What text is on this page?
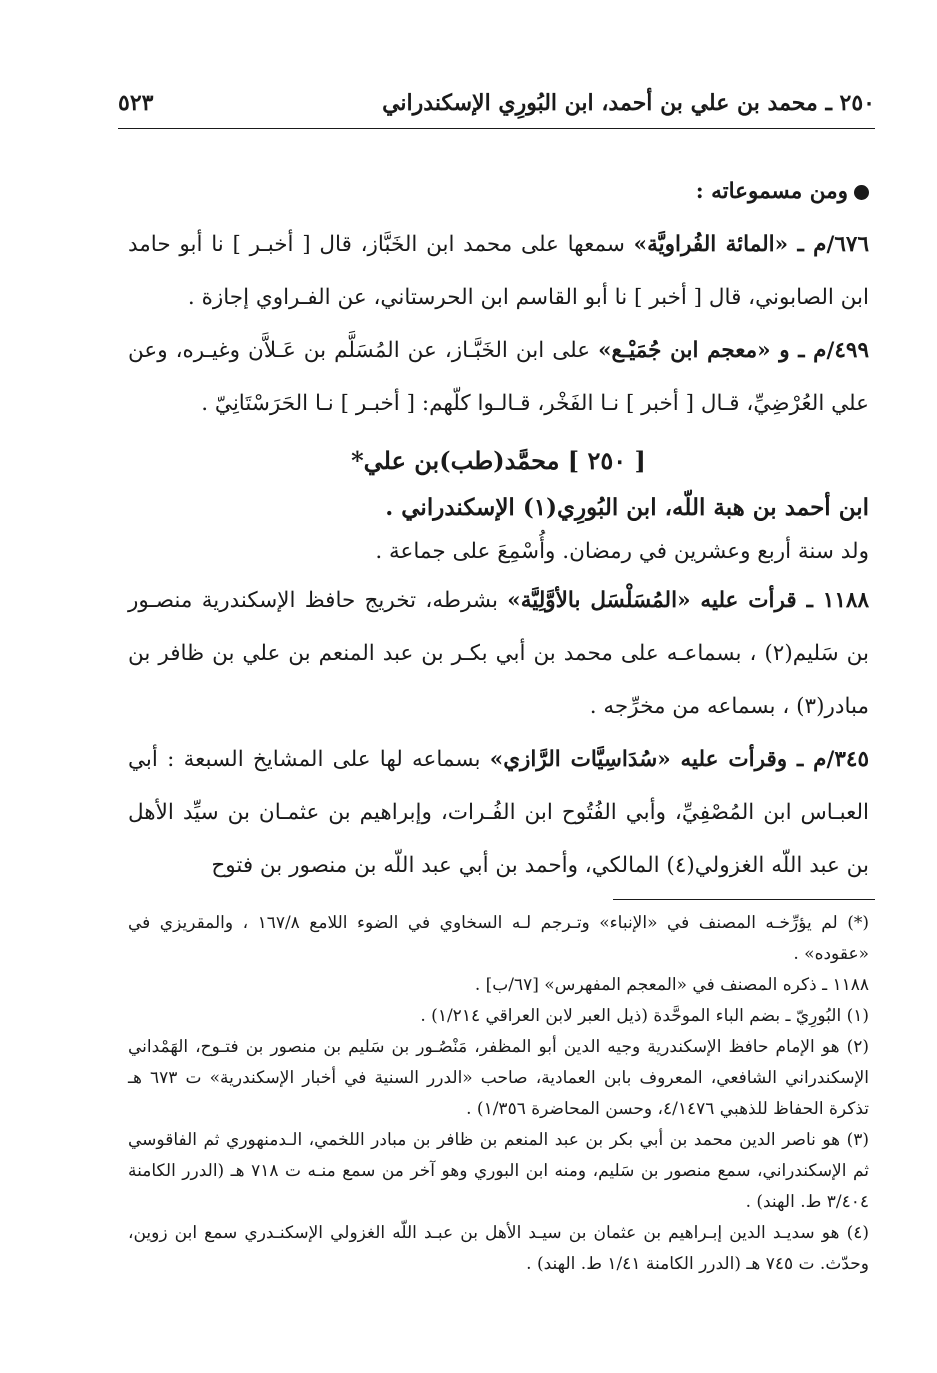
٢٥٠ ـ محمد بن علي بن أحمد، ابن البُورِي الإسكندراني
٥٢٣

ومن مسموعاته :

٦٧٦/م ـ «المائة الفُراويَّة» سمعها على محمد ابن الخَبَّاز، قال [ أخبـر ] نا أبو حامد ابن الصابوني، قال [ أخبر ] نا أبو القاسم ابن الحرستاني، عن الفـراوي إجازة .

٤٩٩/م ـ و «معجم ابن جُمَيْـع» على ابن الخَبَّـاز، عن المُسَلَّم بن عَـلاَّن وغيـره، وعن علي العُرْضِيِّ، قـال [ أخبر ] نـا الفَخْر، قـالـوا كلّهم: [ أخبـر ] نـا الحَرَسْتَانِيّ .

[ ٢٥٠ ] محمَّد(طب)بن علي*

ابن أحمد بن هبة اللّه، ابن البُورِي(١) الإسكندراني .

ولد سنة أربع وعشرين في رمضان. وأُسْمِعَ على جماعة .

١١٨٨ ـ قرأت عليه «المُسَلْسَل بالأوَّلِيَّة» بشرطه، تخريج حافظ الإسكندرية منصـور بن سَليم(٢) ، بسماعـه على محمد بن أبي بكـر بن عبد المنعم بن علي بن ظافر بن مبادر(٣) ، بسماعه من مخرِّجه .

٣٤٥/م ـ وقرأت عليه «سُدَاسِيَّات الرَّازي» بسماعه لها على المشايخ السبعة : أبي العبـاس ابن المُصْفِيِّ، وأبي الفُتُوح ابن الفُـرات، وإبراهيم بن عثمـان بن سيِّد الأهل بن عبد اللّه الغزولي(٤) المالكي، وأحمد بن أبي عبد اللّه بن منصور بن فتوح

(*) لم يؤرِّخـه المصنف في «الإنباء» وتـرجم لـه السخاوي في الضوء اللامع ١٦٧/٨ ، والمقريزي في «عقوده» .

١١٨٨ ـ ذكره المصنف في «المعجم المفهرس» [٦٧/ب] .

(١) البُورِيّ ـ بضم الباء الموحَّدة (ذيل العبر لابن العراقي ١/٢١٤) .

(٢) هو الإمام حافظ الإسكندرية وجيه الدين أبو المظفر، مَنْصُـور بن سَليم بن منصور بن فتـوح، الهَمْداني الإسكندراني الشافعي، المعروف بابن العمادية، صاحب «الدرر السنية في أخبار الإسكندرية» ت ٦٧٣ هـ تذكرة الحفاظ للذهبي ٤/١٤٧٦، وحسن المحاضرة ١/٣٥٦) .

(٣) هو ناصر الدين محمد بن أبي بكر بن عبد المنعم بن ظافر بن مبادر اللخمي، الـدمنهوري ثم الفاقوسي ثم الإسكندراني، سمع منصور بن سَليم، ومنه ابن البوري وهو آخر من سمع منـه ت ٧١٨ هـ (الدرر الكامنة ٣/٤٠٤ ط. الهند) .

(٤) هو سديـد الدين إبـراهيم بن عثمان بن سيـد الأهل بن عبـد اللّه الغزولي الإسكنـدري سمع ابن زوين، وحدّث. ت ٧٤٥ هـ (الدرر الكامنة ١/٤١ ط. الهند) .
